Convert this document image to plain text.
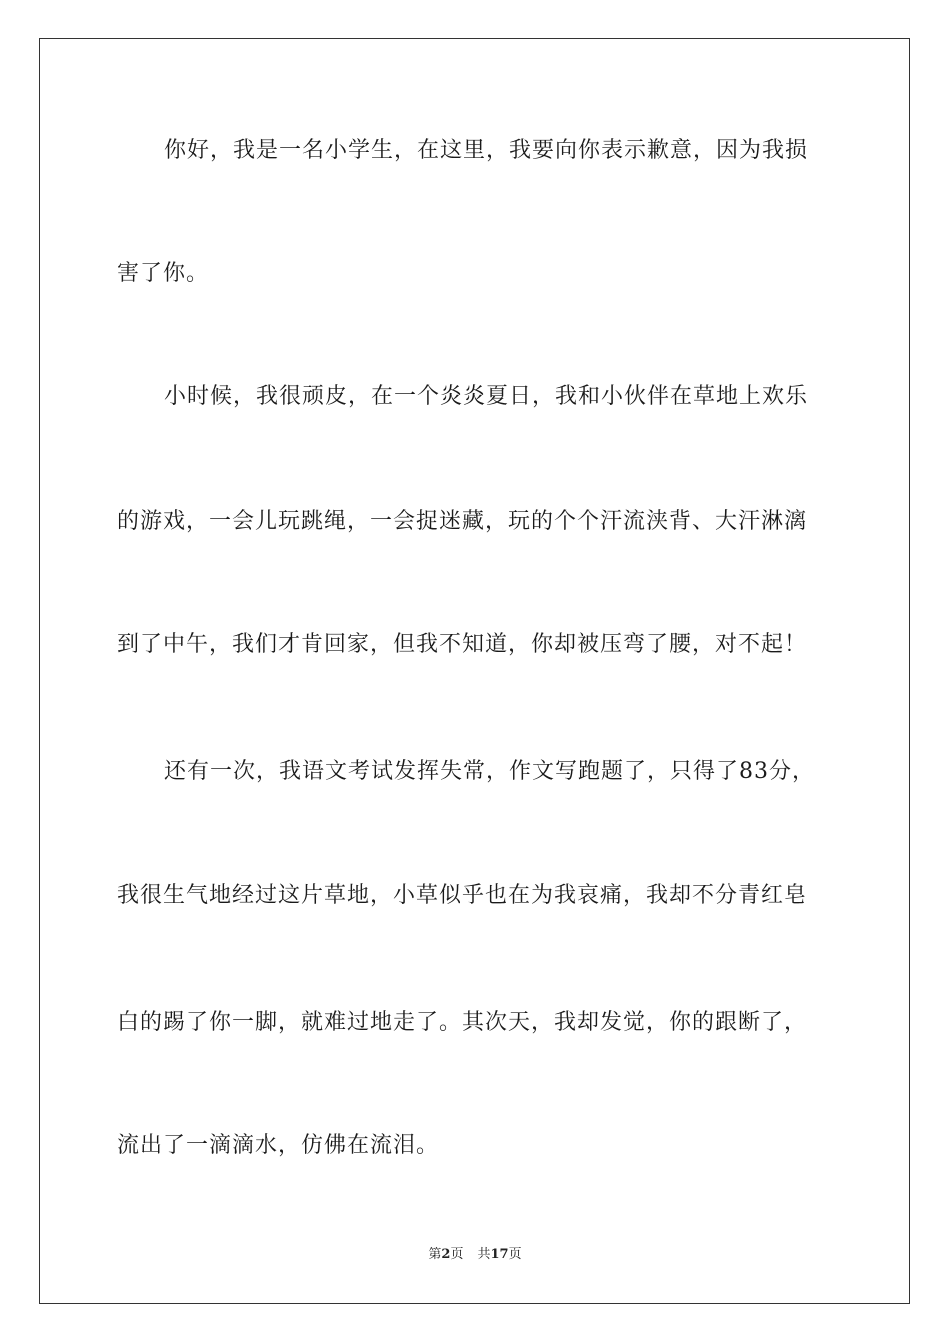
你好，我是一名小学生，在这里，我要向你表示歉意，因为我损
害了你。
小时候，我很顽皮，在一个炎炎夏日，我和小伙伴在草地上欢乐
的游戏，一会儿玩跳绳，一会捉迷藏，玩的个个汗流浃背、大汗淋漓
到了中午，我们才肯回家，但我不知道，你却被压弯了腰，对不起！
还有一次，我语文考试发挥失常，作文写跑题了，只得了83分，
我很生气地经过这片草地，小草似乎也在为我哀痛，我却不分青红皂
白的踢了你一脚，就难过地走了。其次天，我却发觉，你的跟断了，
流出了一滴滴水，仿佛在流泪。
第2页 共17页
